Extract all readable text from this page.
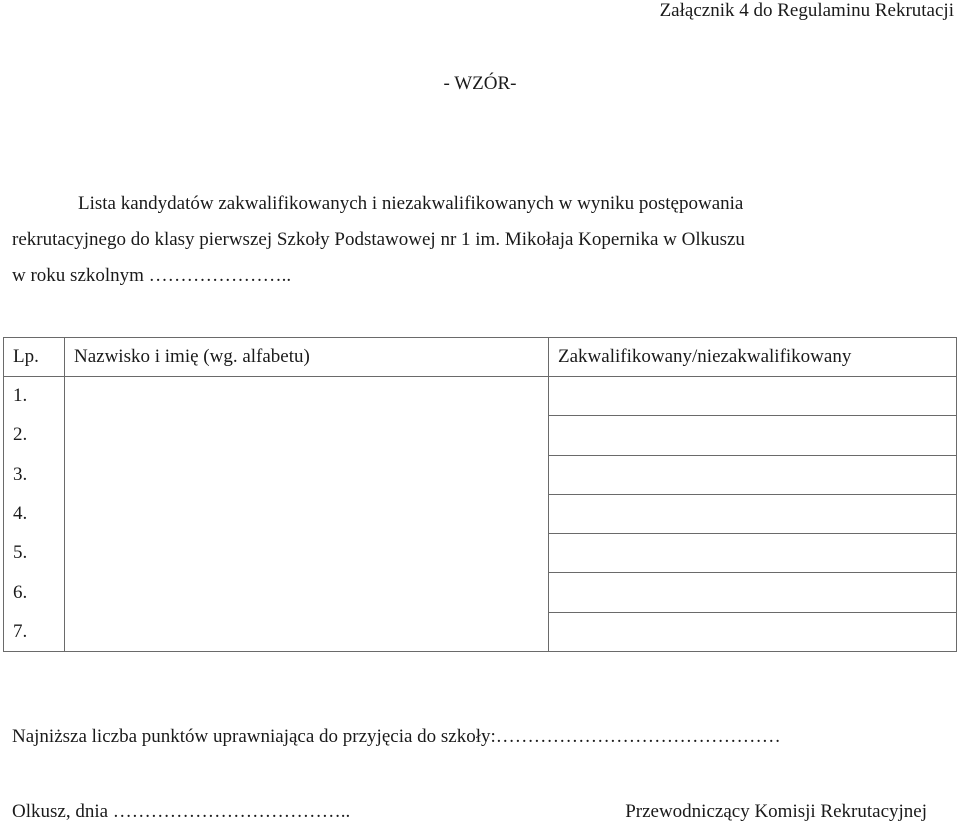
Załącznik 4 do Regulaminu Rekrutacji
- WZÓR-
Lista kandydatów zakwalifikowanych i niezakwalifikowanych w wyniku postępowania
rekrutacyjnego do klasy pierwszej Szkoły Podstawowej nr 1 im. Mikołaja Kopernika w Olkuszu
w roku szkolnym …………………..
Lp.	Nazwisko i imię (wg. alfabetu)	Zakwalifikowany/niezakwalifikowany
1.		
2.		
3.		
4.		
5.		
6.		
7.		
Najniższa liczba punktów uprawniająca do przyjęcia do szkoły:………………………………………
Olkusz, dnia ………………………………..	Przewodniczący Komisji Rekrutacyjnej
